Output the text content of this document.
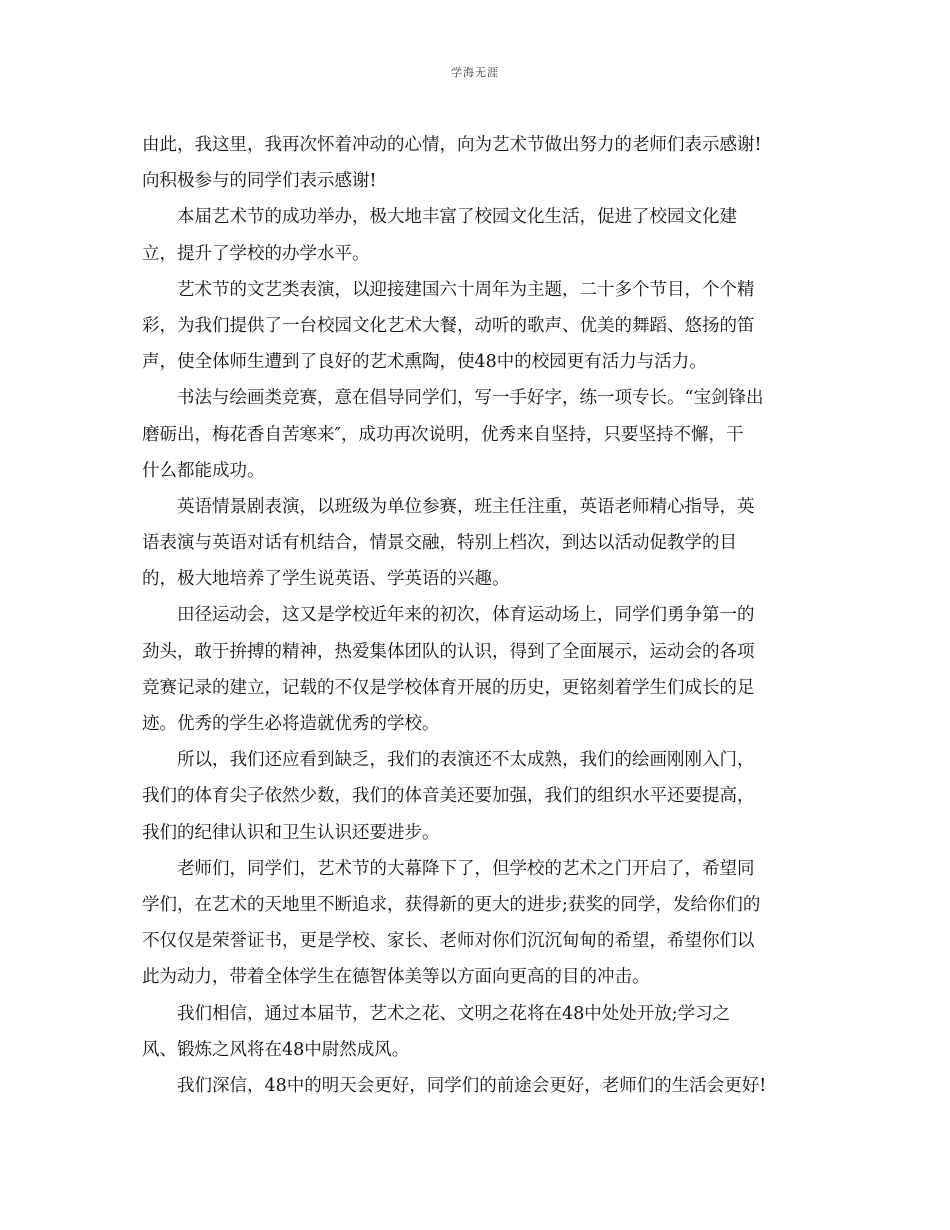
学海无涯
由此，我这里，我再次怀着冲动的心情，向为艺术节做出努力的老师们表示感谢!
向积极参与的同学们表示感谢!
本届艺术节的成功举办，极大地丰富了校园文化生活，促进了校园文化建
立，提升了学校的办学水平。
艺术节的文艺类表演，以迎接建国六十周年为主题，二十多个节目，个个精
彩，为我们提供了一台校园文化艺术大餐，动听的歌声、优美的舞蹈、悠扬的笛
声，使全体师生遭到了良好的艺术熏陶，使48中的校园更有活力与活力。
书法与绘画类竞赛，意在倡导同学们，写一手好字，练一项专长。“宝剑锋出
磨砺出，梅花香自苦寒来″，成功再次说明，优秀来自坚持，只要坚持不懈，干
什么都能成功。
英语情景剧表演，以班级为单位参赛，班主任注重，英语老师精心指导，英
语表演与英语对话有机结合，情景交融，特别上档次，到达以活动促教学的目
的，极大地培养了学生说英语、学英语的兴趣。
田径运动会，这又是学校近年来的初次，体育运动场上，同学们勇争第一的
劲头，敢于拚搏的精神，热爱集体团队的认识，得到了全面展示，运动会的各项
竞赛记录的建立，记载的不仅是学校体育开展的历史，更铭刻着学生们成长的足
迹。优秀的学生必将造就优秀的学校。
所以，我们还应看到缺乏，我们的表演还不太成熟，我们的绘画刚刚入门，
我们的体育尖子依然少数，我们的体音美还要加强，我们的组织水平还要提高，
我们的纪律认识和卫生认识还要进步。
老师们，同学们，艺术节的大幕降下了，但学校的艺术之门开启了，希望同
学们，在艺术的天地里不断追求，获得新的更大的进步;获奖的同学，发给你们的
不仅仅是荣誉证书，更是学校、家长、老师对你们沉沉甸甸的希望，希望你们以
此为动力，带着全体学生在德智体美等以方面向更高的目的冲击。
我们相信，通过本届节，艺术之花、文明之花将在48中处处开放;学习之
风、锻炼之风将在48中尉然成风。
我们深信，48中的明天会更好，同学们的前途会更好，老师们的生活会更好!
